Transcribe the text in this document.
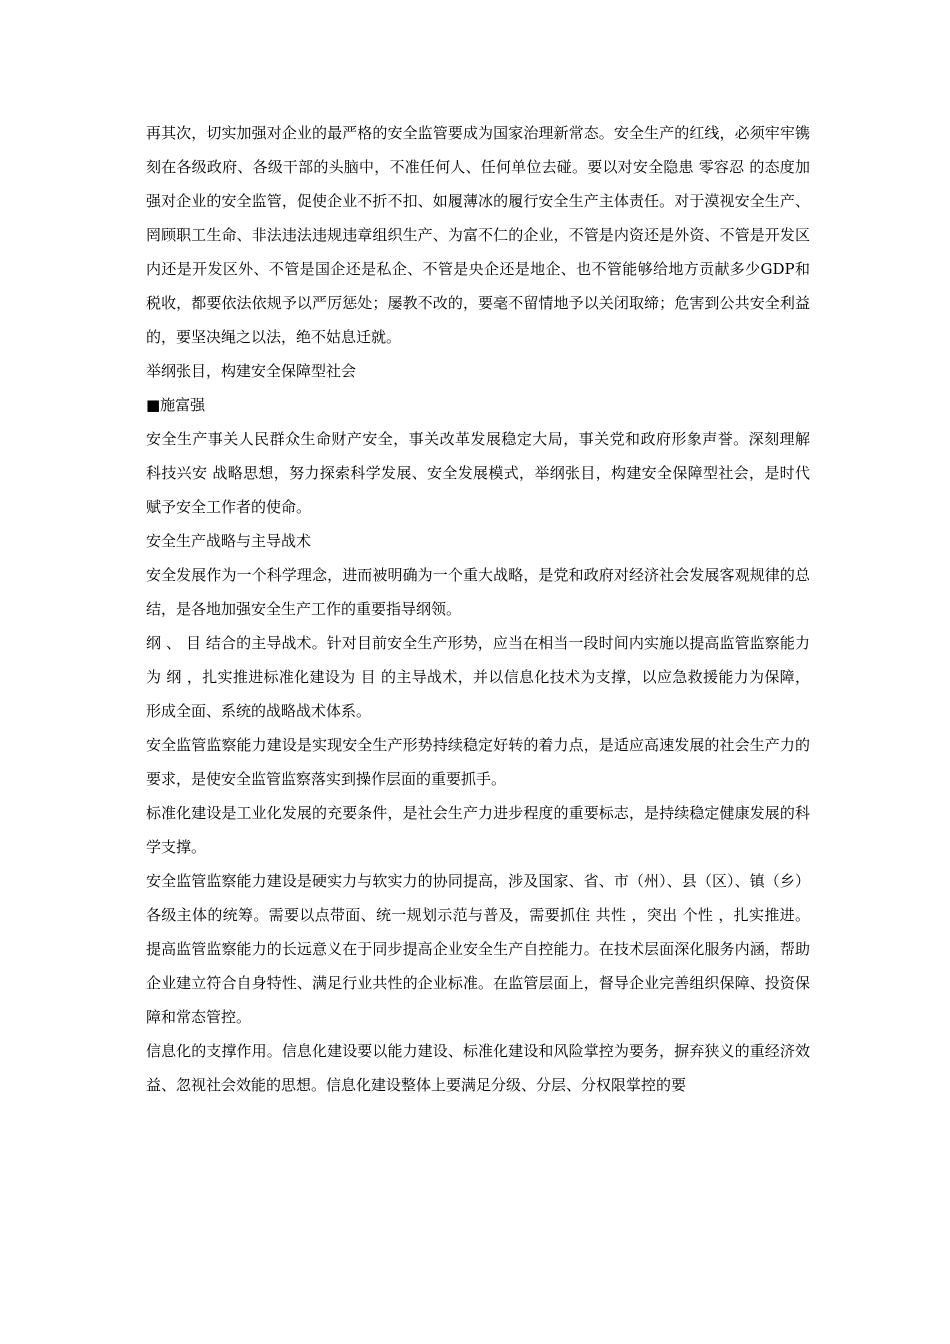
再其次，切实加强对企业的最严格的安全监管要成为国家治理新常态。安全生产的红线，必须牢牢镌刻在各级政府、各级干部的头脑中，不准任何人、任何单位去碰。要以对安全隐患 零容忍 的态度加强对企业的安全监管，促使企业不折不扣、如履薄冰的履行安全生产主体责任。对于漠视安全生产、罔顾职工生命、非法违法违规违章组织生产、为富不仁的企业，不管是内资还是外资、不管是开发区内还是开发区外、不管是国企还是私企、不管是央企还是地企、也不管能够给地方贡献多少GDP和税收，都要依法依规予以严厉惩处；屡教不改的，要毫不留情地予以关闭取缔；危害到公共安全利益的，要坚决绳之以法，绝不姑息迁就。

举纲张目，构建安全保障型社会

■施富强

安全生产事关人民群众生命财产安全，事关改革发展稳定大局，事关党和政府形象声誉。深刻理解 科技兴安 战略思想，努力探索科学发展、安全发展模式，举纲张目，构建安全保障型社会，是时代赋予安全工作者的使命。

安全生产战略与主导战术

安全发展作为一个科学理念，进而被明确为一个重大战略，是党和政府对经济社会发展客观规律的总结，是各地加强安全生产工作的重要指导纲领。

纲 、 目 结合的主导战术。针对目前安全生产形势，应当在相当一段时间内实施以提高监管监察能力为 纲 ，扎实推进标准化建设为 目 的主导战术，并以信息化技术为支撑，以应急救援能力为保障，形成全面、系统的战略战术体系。

安全监管监察能力建设是实现安全生产形势持续稳定好转的着力点，是适应高速发展的社会生产力的要求，是使安全监管监察落实到操作层面的重要抓手。

标准化建设是工业化发展的充要条件，是社会生产力进步程度的重要标志，是持续稳定健康发展的科学支撑。

安全监管监察能力建设是硬实力与软实力的协同提高，涉及国家、省、市（州）、县（区）、镇（乡）各级主体的统筹。需要以点带面、统一规划示范与普及，需要抓住 共性 ，突出 个性 ，扎实推进。提高监管监察能力的长远意义在于同步提高企业安全生产自控能力。在技术层面深化服务内涵，帮助企业建立符合自身特性、满足行业共性的企业标准。在监管层面上，督导企业完善组织保障、投资保障和常态管控。

信息化的支撑作用。信息化建设要以能力建设、标准化建设和风险掌控为要务，摒弃狭义的重经济效益、忽视社会效能的思想。信息化建设整体上要满足分级、分层、分权限掌控的要
